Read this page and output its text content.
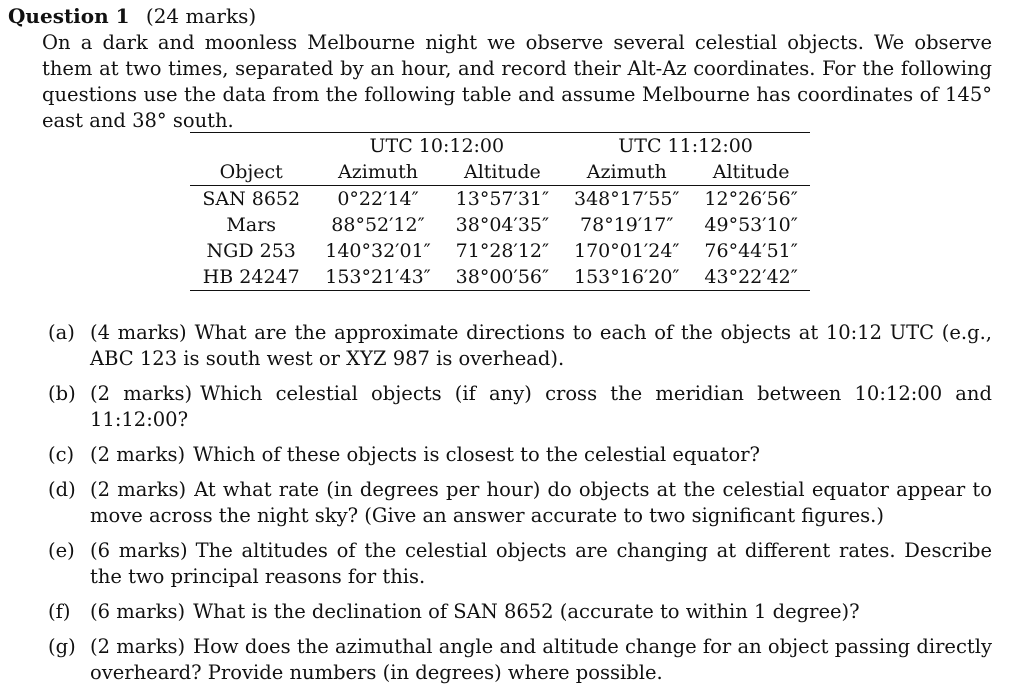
Question 1 (24 marks)
On a dark and moonless Melbourne night we observe several celestial objects. We observe them at two times, separated by an hour, and record their Alt-Az coordinates. For the following questions use the data from the following table and assume Melbourne has coordinates of 145° east and 38° south.
	UTC 10:12:00		UTC 11:12:00	
Object	Azimuth	Altitude	Azimuth	Altitude
SAN 8652	0°22′14″	13°57′31″	348°17′55″	12°26′56″
Mars	88°52′12″	38°04′35″	78°19′17″	49°53′10″
NGD 253	140°32′01″	71°28′12″	170°01′24″	76°44′51″
HB 24247	153°21′43″	38°00′56″	153°16′20″	43°22′42″
(a) (4 marks) What are the approximate directions to each of the objects at 10:12 UTC (e.g., ABC 123 is south west or XYZ 987 is overhead).
(b) (2 marks) Which celestial objects (if any) cross the meridian between 10:12:00 and 11:12:00?
(c) (2 marks) Which of these objects is closest to the celestial equator?
(d) (2 marks) At what rate (in degrees per hour) do objects at the celestial equator appear to move across the night sky? (Give an answer accurate to two significant figures.)
(e) (6 marks) The altitudes of the celestial objects are changing at different rates. Describe the two principal reasons for this.
(f) (6 marks) What is the declination of SAN 8652 (accurate to within 1 degree)?
(g) (2 marks) How does the azimuthal angle and altitude change for an object passing directly overheard? Provide numbers (in degrees) where possible.
